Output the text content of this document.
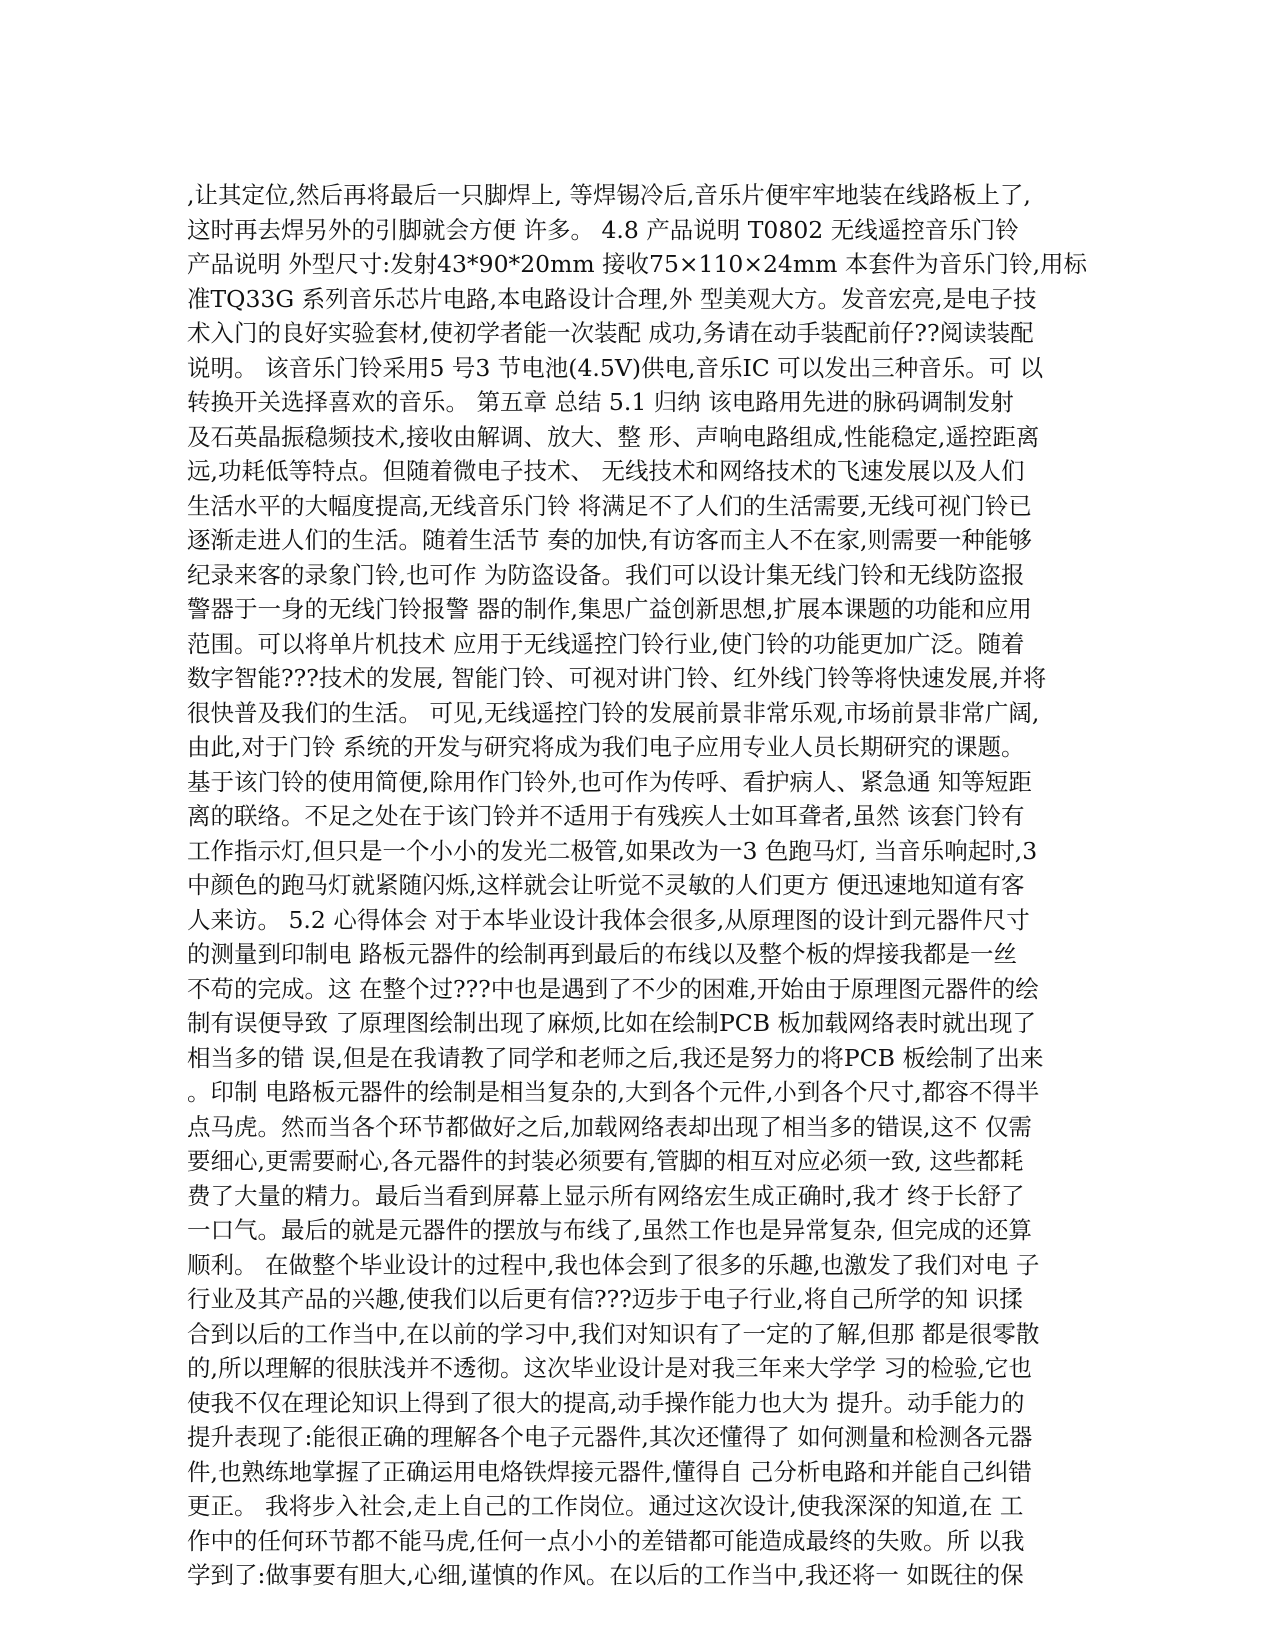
,让其定位,然后再将最后一只脚焊上, 等焊锡冷后,音乐片便牢牢地装在线路板上了,
这时再去焊另外的引脚就会方便 许多。 4.8 产品说明 T0802 无线遥控音乐门铃
产品说明 外型尺寸:发射43*90*20mm 接收75×110×24mm 本套件为音乐门铃,用标
准TQ33G 系列音乐芯片电路,本电路设计合理,外 型美观大方。发音宏亮,是电子技
术入门的良好实验套材,使初学者能一次装配 成功,务请在动手装配前仔??阅读装配
说明。 该音乐门铃采用5 号3 节电池(4.5V)供电,音乐IC 可以发出三种音乐。可 以
转换开关选择喜欢的音乐。 第五章 总结 5.1 归纳 该电路用先进的脉码调制发射
及石英晶振稳频技术,接收由解调、放大、整 形、声响电路组成,性能稳定,遥控距离
远,功耗低等特点。但随着微电子技术、 无线技术和网络技术的飞速发展以及人们
生活水平的大幅度提高,无线音乐门铃 将满足不了人们的生活需要,无线可视门铃已
逐渐走进人们的生活。随着生活节 奏的加快,有访客而主人不在家,则需要一种能够
纪录来客的录象门铃,也可作 为防盗设备。我们可以设计集无线门铃和无线防盗报
警器于一身的无线门铃报警 器的制作,集思广益创新思想,扩展本课题的功能和应用
范围。可以将单片机技术 应用于无线遥控门铃行业,使门铃的功能更加广泛。随着
数字智能???技术的发展, 智能门铃、可视对讲门铃、红外线门铃等将快速发展,并将
很快普及我们的生活。 可见,无线遥控门铃的发展前景非常乐观,市场前景非常广阔,
由此,对于门铃 系统的开发与研究将成为我们电子应用专业人员长期研究的课题。
基于该门铃的使用简便,除用作门铃外,也可作为传呼、看护病人、紧急通 知等短距
离的联络。不足之处在于该门铃并不适用于有残疾人士如耳聋者,虽然 该套门铃有
工作指示灯,但只是一个小小的发光二极管,如果改为一3 色跑马灯, 当音乐响起时,3
中颜色的跑马灯就紧随闪烁,这样就会让听觉不灵敏的人们更方 便迅速地知道有客
人来访。 5.2 心得体会 对于本毕业设计我体会很多,从原理图的设计到元器件尺寸
的测量到印制电 路板元器件的绘制再到最后的布线以及整个板的焊接我都是一丝
不苟的完成。这 在整个过???中也是遇到了不少的困难,开始由于原理图元器件的绘
制有误便导致 了原理图绘制出现了麻烦,比如在绘制PCB 板加载网络表时就出现了
相当多的错 误,但是在我请教了同学和老师之后,我还是努力的将PCB 板绘制了出来
。印制 电路板元器件的绘制是相当复杂的,大到各个元件,小到各个尺寸,都容不得半
点马虎。然而当各个环节都做好之后,加载网络表却出现了相当多的错误,这不 仅需
要细心,更需要耐心,各元器件的封装必须要有,管脚的相互对应必须一致, 这些都耗
费了大量的精力。最后当看到屏幕上显示所有网络宏生成正确时,我才 终于长舒了
一口气。最后的就是元器件的摆放与布线了,虽然工作也是异常复杂, 但完成的还算
顺利。 在做整个毕业设计的过程中,我也体会到了很多的乐趣,也激发了我们对电 子
行业及其产品的兴趣,使我们以后更有信???迈步于电子行业,将自己所学的知 识揉
合到以后的工作当中,在以前的学习中,我们对知识有了一定的了解,但那 都是很零散
的,所以理解的很肤浅并不透彻。这次毕业设计是对我三年来大学学 习的检验,它也
使我不仅在理论知识上得到了很大的提高,动手操作能力也大为 提升。动手能力的
提升表现了:能很正确的理解各个电子元器件,其次还懂得了 如何测量和检测各元器
件,也熟练地掌握了正确运用电烙铁焊接元器件,懂得自 己分析电路和并能自己纠错
更正。 我将步入社会,走上自己的工作岗位。通过这次设计,使我深深的知道,在 工
作中的任何环节都不能马虎,任何一点小小的差错都可能造成最终的失败。所 以我
学到了:做事要有胆大,心细,谨慎的作风。在以后的工作当中,我还将一 如既往的保
